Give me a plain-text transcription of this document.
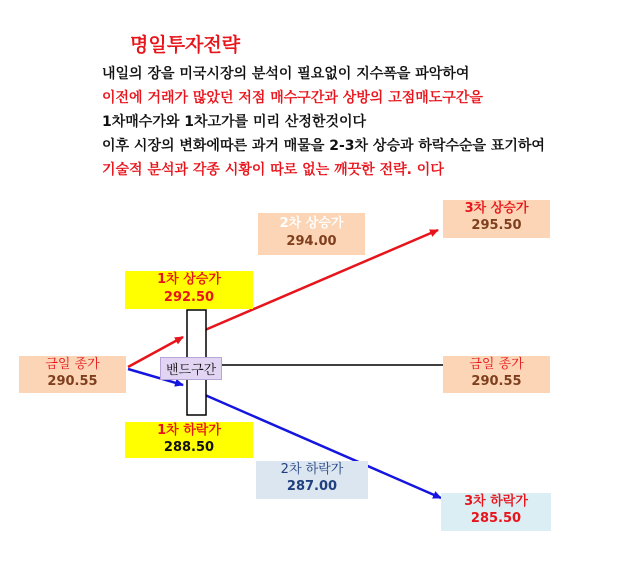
명일투자전략
내일의 장을 미국시장의 분석이 필요없이 지수폭을 파악하여
이전에 거래가 많았던 저점 매수구간과 상방의 고점매도구간을
1차매수가와 1차고가를 미리 산정한것이다
이후 시장의 변화에따른 과거 매물을 2-3차 상승과 하락수순을 표기하여
기술적 분석과 각종 시황이 따로 없는 깨끗한 전략. 이다
밴드구간
금일 종가
290.55
금일 종가
290.55
1차 상승가
292.50
2차 상승가
294.00
3차 상승가
295.50
1차 하락가
288.50
2차 하락가
287.00
3차 하락가
285.50
